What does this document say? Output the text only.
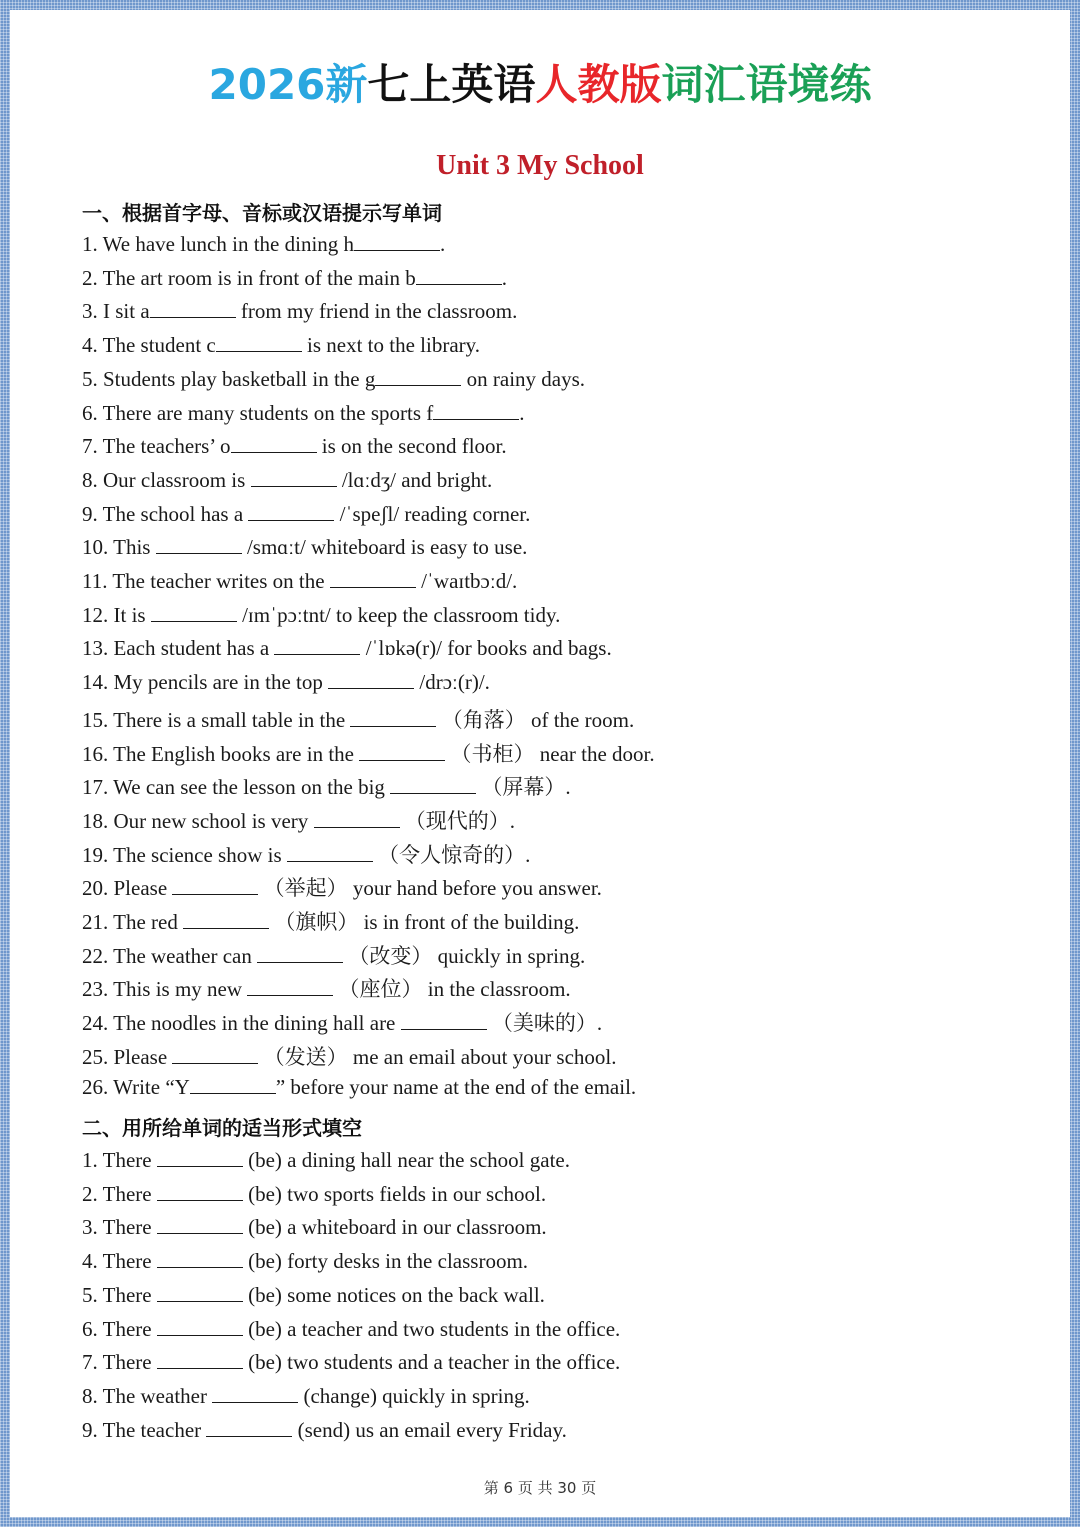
2026新七上英语人教版词汇语境练
Unit 3 My School
一、根据首字母、音标或汉语提示写单词
1. We have lunch in the dining h	.
2. The art room is in front of the main b	.
3. I sit a	from my friend in the classroom.
4. The student c	is next to the library.
5. Students play basketball in the g	on rainy days.
6. There are many students on the sports f	.
7. The teachers’ o	is on the second floor.
8. Our classroom is	/lɑːdʒ/ and bright.
9. The school has a	/ˈspeʃl/ reading corner.
10. This	/smɑːt/ whiteboard is easy to use.
11. The teacher writes on the	/ˈwaɪtbɔːd/.
12. It is	/ɪmˈpɔːtnt/ to keep the classroom tidy.
13. Each student has a	/ˈlɒkə(r)/ for books and bags.
14. My pencils are in the top	/drɔː(r)/.
15. There is a small table in the	（角落） of the room.
16. The English books are in the	（书柜） near the door.
17. We can see the lesson on the big	（屏幕）.
18. Our new school is very	（现代的）.
19. The science show is	（令人惊奇的）.
20. Please	（举起） your hand before you answer.
21. The red	（旗帜） is in front of the building.
22. The weather can	（改变） quickly in spring.
23. This is my new	（座位） in the classroom.
24. The noodles in the dining hall are	（美味的）.
25. Please	（发送） me an email about your school.
26. Write “Y	” before your name at the end of the email.
二、用所给单词的适当形式填空
1. There	(be) a dining hall near the school gate.
2. There	(be) two sports fields in our school.
3. There	(be) a whiteboard in our classroom.
4. There	(be) forty desks in the classroom.
5. There	(be) some notices on the back wall.
6. There	(be) a teacher and two students in the office.
7. There	(be) two students and a teacher in the office.
8. The weather	(change) quickly in spring.
9. The teacher	(send) us an email every Friday.
第 6 页 共 30 页
